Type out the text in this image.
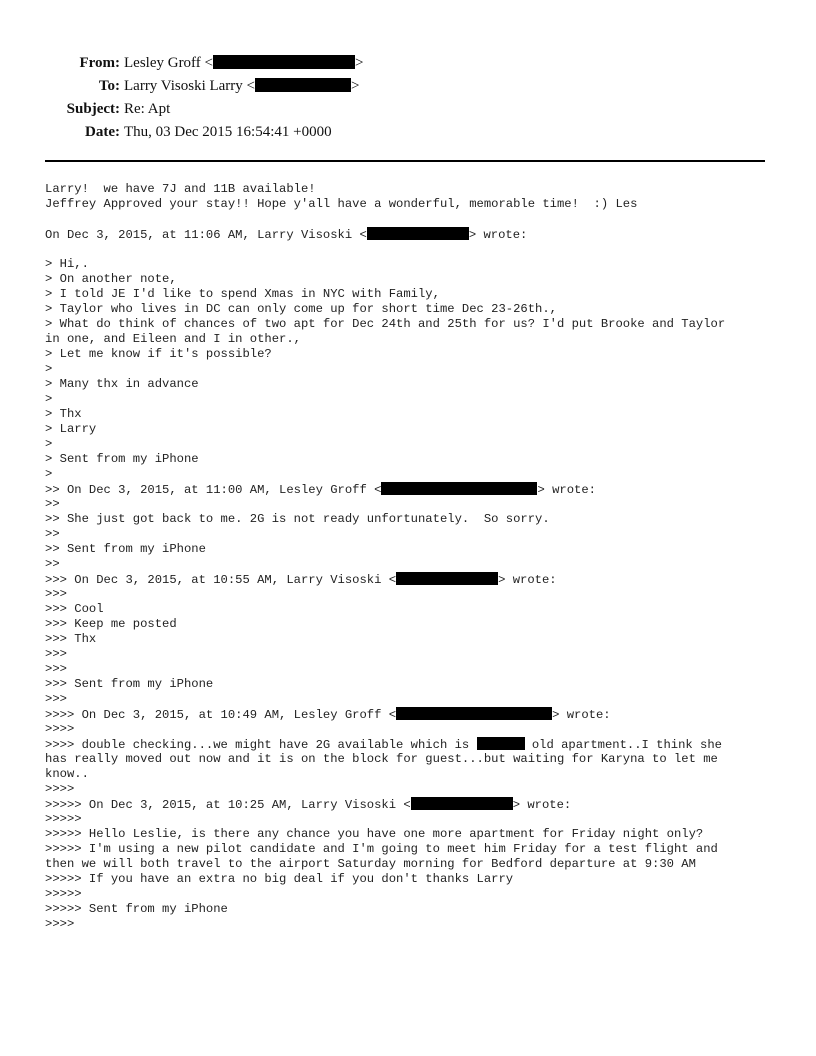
From: Lesley Groff <	>
To: Larry Visoski Larry <	>
Subject: Re: Apt
Date: Thu, 03 Dec 2015 16:54:41 +0000
Larry!  we have 7J and 11B available!
Jeffrey Approved your stay!! Hope y'all have a wonderful, memorable time!  :) Les
On Dec 3, 2015, at 11:06 AM, Larry Visoski <	> wrote:
> Hi,.
> On another note,
> I told JE I'd like to spend Xmas in NYC with Family,
> Taylor who lives in DC can only come up for short time Dec 23-26th.,
> What do think of chances of two apt for Dec 24th and 25th for us? I'd put Brooke and Taylor
in one, and Eileen and I in other.,
> Let me know if it's possible?
>
> Many thx in advance
>
> Thx
> Larry
>
> Sent from my iPhone
>
>> On Dec 3, 2015, at 11:00 AM, Lesley Groff <	> wrote:
>>
>> She just got back to me. 2G is not ready unfortunately.  So sorry.
>>
>> Sent from my iPhone
>>
>>> On Dec 3, 2015, at 10:55 AM, Larry Visoski <	> wrote:
>>>
>>> Cool
>>> Keep me posted
>>> Thx
>>>
>>>
>>> Sent from my iPhone
>>>
>>>> On Dec 3, 2015, at 10:49 AM, Lesley Groff <	> wrote:
>>>>
>>>> double checking...we might have 2G available which is	old apartment..I think she
has really moved out now and it is on the block for guest...but waiting for Karyna to let me
know..
>>>>
>>>>> On Dec 3, 2015, at 10:25 AM, Larry Visoski <	> wrote:
>>>>>
>>>>> Hello Leslie, is there any chance you have one more apartment for Friday night only?
>>>>> I'm using a new pilot candidate and I'm going to meet him Friday for a test flight and
then we will both travel to the airport Saturday morning for Bedford departure at 9:30 AM
>>>>> If you have an extra no big deal if you don't thanks Larry
>>>>>
>>>>> Sent from my iPhone
>>>>
